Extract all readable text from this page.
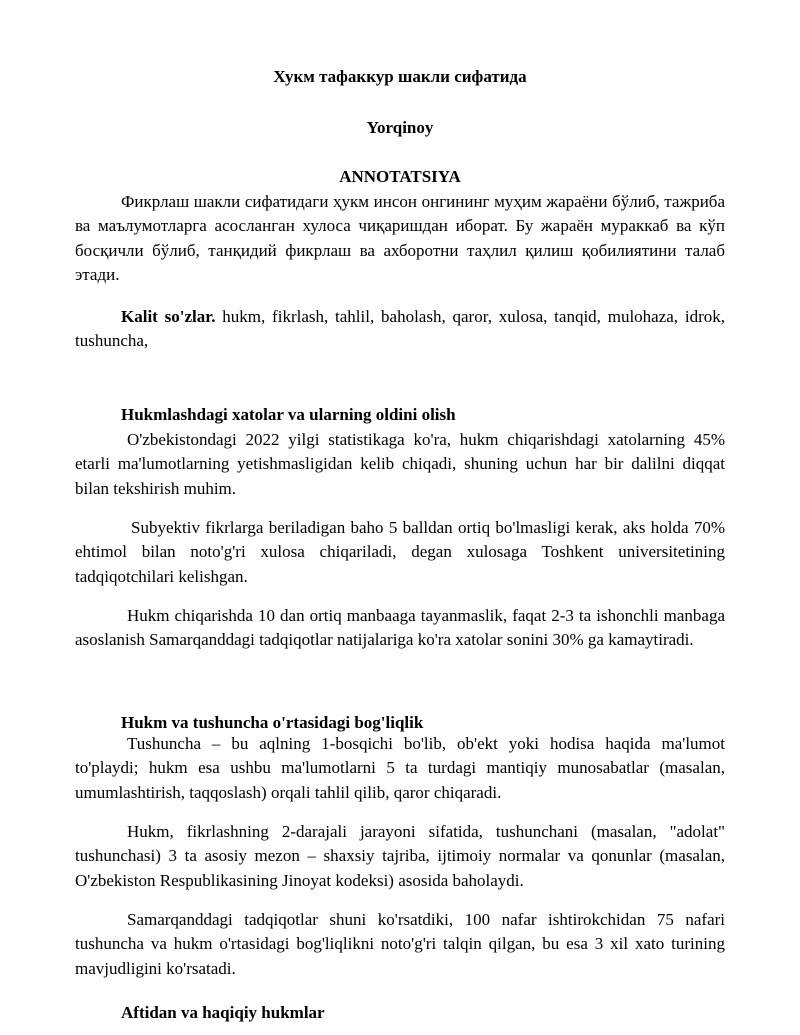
Хукм тафаккур шакли сифатида
Yorqinoy
ANNOTATSIYA

Фикрлаш шакли сифатидаги ҳукм инсон онгининг муҳим жараёни бўлиб, тажриба ва маълумотларга асосланган хулоса чиқаришдан иборат. Бу жараён мураккаб ва кўп босқичли бўлиб, танқидий фикрлаш ва ахборотни таҳлил қилиш қобилиятини талаб этади.

Kalit so'zlar. hukm, fikrlash, tahlil, baholash, qaror, xulosa, tanqid, mulohaza, idrok, tushuncha,

Hukmlashdagi xatolar va ularning oldini olish

O'zbekistondagi 2022 yilgi statistikaga ko'ra, hukm chiqarishdagi xatolarning 45% etarli ma'lumotlarning yetishmasligidan kelib chiqadi, shuning uchun har bir dalilni diqqat bilan tekshirish muhim.

Subyektiv fikrlarga beriladigan baho 5 balldan ortiq bo'lmasligi kerak, aks holda 70% ehtimol bilan noto'g'ri xulosa chiqariladi, degan xulosaga Toshkent universitetining tadqiqotchilari kelishgan.

Hukm chiqarishda 10 dan ortiq manbaaga tayanmaslik, faqat 2-3 ta ishonchli manbaga asoslanish Samarqanddagi tadqiqotlar natijalariga ko'ra xatolar sonini 30% ga kamaytiradi.

Hukm va tushuncha o'rtasidagi bog'liqlik

Tushuncha – bu aqlning 1-bosqichi bo'lib, ob'ekt yoki hodisa haqida ma'lumot to'playdi; hukm esa ushbu ma'lumotlarni 5 ta turdagi mantiqiy munosabatlar (masalan, umumlashtirish, taqqoslash) orqali tahlil qilib, qaror chiqaradi.

Hukm, fikrlashning 2-darajali jarayoni sifatida, tushunchani (masalan, "adolat" tushunchasi) 3 ta asosiy mezon – shaxsiy tajriba, ijtimoiy normalar va qonunlar (masalan, O'zbekiston Respublikasining Jinoyat kodeksi) asosida baholaydi.

Samarqanddagi tadqiqotlar shuni ko'rsatdiki, 100 nafar ishtirokchidan 75 nafari tushuncha va hukm o'rtasidagi bog'liqlikni noto'g'ri talqin qilgan, bu esa 3 xil xato turining mavjudligini ko'rsatadi.

Aftidan va haqiqiy hukmlar
